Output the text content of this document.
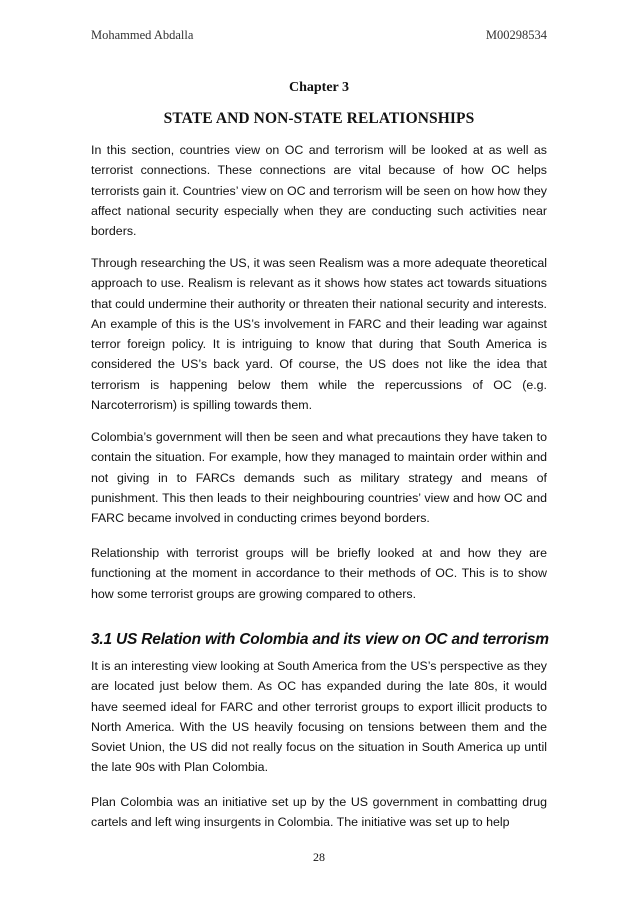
Mohammed Abdalla	M00298534
Chapter 3
STATE AND NON-STATE RELATIONSHIPS

In this section, countries view on OC and terrorism will be looked at as well as terrorist connections. These connections are vital because of how OC helps terrorists gain it. Countries’ view on OC and terrorism will be seen on how how they affect national security especially when they are conducting such activities near borders.

Through researching the US, it was seen Realism was a more adequate theoretical approach to use. Realism is relevant as it shows how states act towards situations that could undermine their authority or threaten their national security and interests. An example of this is the US’s involvement in FARC and their leading war against terror foreign policy. It is intriguing to know that during that South America is considered the US’s back yard. Of course, the US does not like the idea that terrorism is happening below them while the repercussions of OC (e.g. Narcoterrorism) is spilling towards them.

Colombia’s government will then be seen and what precautions they have taken to contain the situation. For example, how they managed to maintain order within and not giving in to FARCs demands such as military strategy and means of punishment. This then leads to their neighbouring countries’ view and how OC and FARC became involved in conducting crimes beyond borders.

Relationship with terrorist groups will be briefly looked at and how they are functioning at the moment in accordance to their methods of OC. This is to show how some terrorist groups are growing compared to others.

3.1 US Relation with Colombia and its view on OC and terrorism

It is an interesting view looking at South America from the US’s perspective as they are located just below them. As OC has expanded during the late 80s, it would have seemed ideal for FARC and other terrorist groups to export illicit products to North America. With the US heavily focusing on tensions between them and the Soviet Union, the US did not really focus on the situation in South America up until the late 90s with Plan Colombia.

Plan Colombia was an initiative set up by the US government in combatting drug cartels and left wing insurgents in Colombia. The initiative was set up to help

28
